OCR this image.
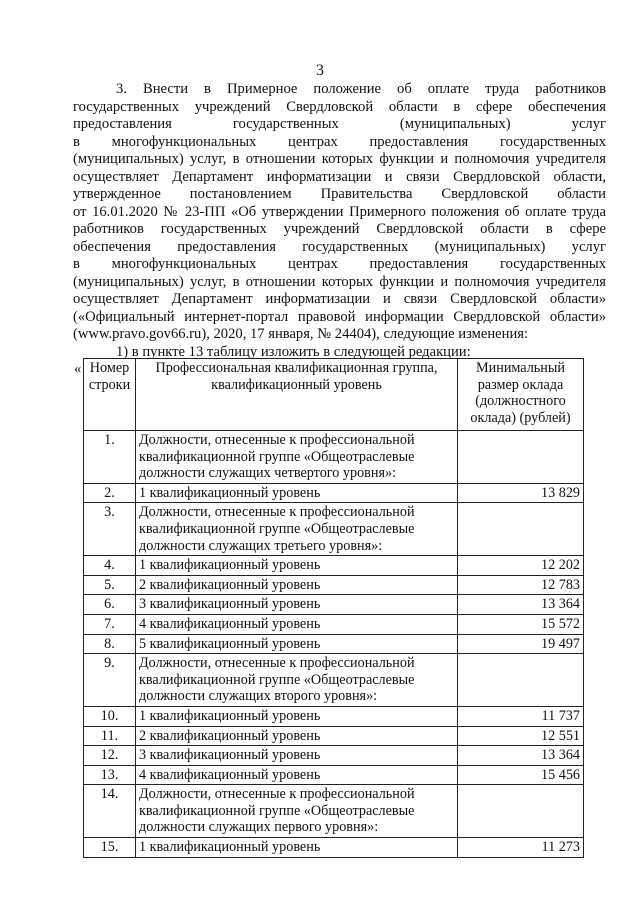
3
3. Внести в Примерное положение об оплате труда работников
государственных учреждений Свердловской области в сфере обеспечения
предоставления государственных (муниципальных) услуг
в многофункциональных центрах предоставления государственных
(муниципальных) услуг, в отношении которых функции и полномочия учредителя
осуществляет Департамент информатизации и связи Свердловской области,
утвержденное постановлением Правительства Свердловской области
от 16.01.2020 № 23-ПП «Об утверждении Примерного положения об оплате труда
работников государственных учреждений Свердловской области в сфере
обеспечения предоставления государственных (муниципальных) услуг
в многофункциональных центрах предоставления государственных
(муниципальных) услуг, в отношении которых функции и полномочия учредителя
осуществляет Департамент информатизации и связи Свердловской области»
(«Официальный интернет-портал правовой информации Свердловской области»
(www.pravo.gov66.ru), 2020, 17 января, № 24404), следующие изменения:
1) в пункте 13 таблицу изложить в следующей редакции:
« Номер строки	Профессиональная квалификационная группа, квалификационный уровень	Минимальный размер оклада (должностного оклада) (рублей)
1.	Должности, отнесенные к профессиональной квалификационной группе «Общеотраслевые должности служащих четвертого уровня»:	
2.	1 квалификационный уровень	13 829
3.	Должности, отнесенные к профессиональной квалификационной группе «Общеотраслевые должности служащих третьего уровня»:	
4.	1 квалификационный уровень	12 202
5.	2 квалификационный уровень	12 783
6.	3 квалификационный уровень	13 364
7.	4 квалификационный уровень	15 572
8.	5 квалификационный уровень	19 497
9.	Должности, отнесенные к профессиональной квалификационной группе «Общеотраслевые должности служащих второго уровня»:	
10.	1 квалификационный уровень	11 737
11.	2 квалификационный уровень	12 551
12.	3 квалификационный уровень	13 364
13.	4 квалификационный уровень	15 456
14.	Должности, отнесенные к профессиональной квалификационной группе «Общеотраслевые должности служащих первого уровня»:	
15.	1 квалификационный уровень	11 273
